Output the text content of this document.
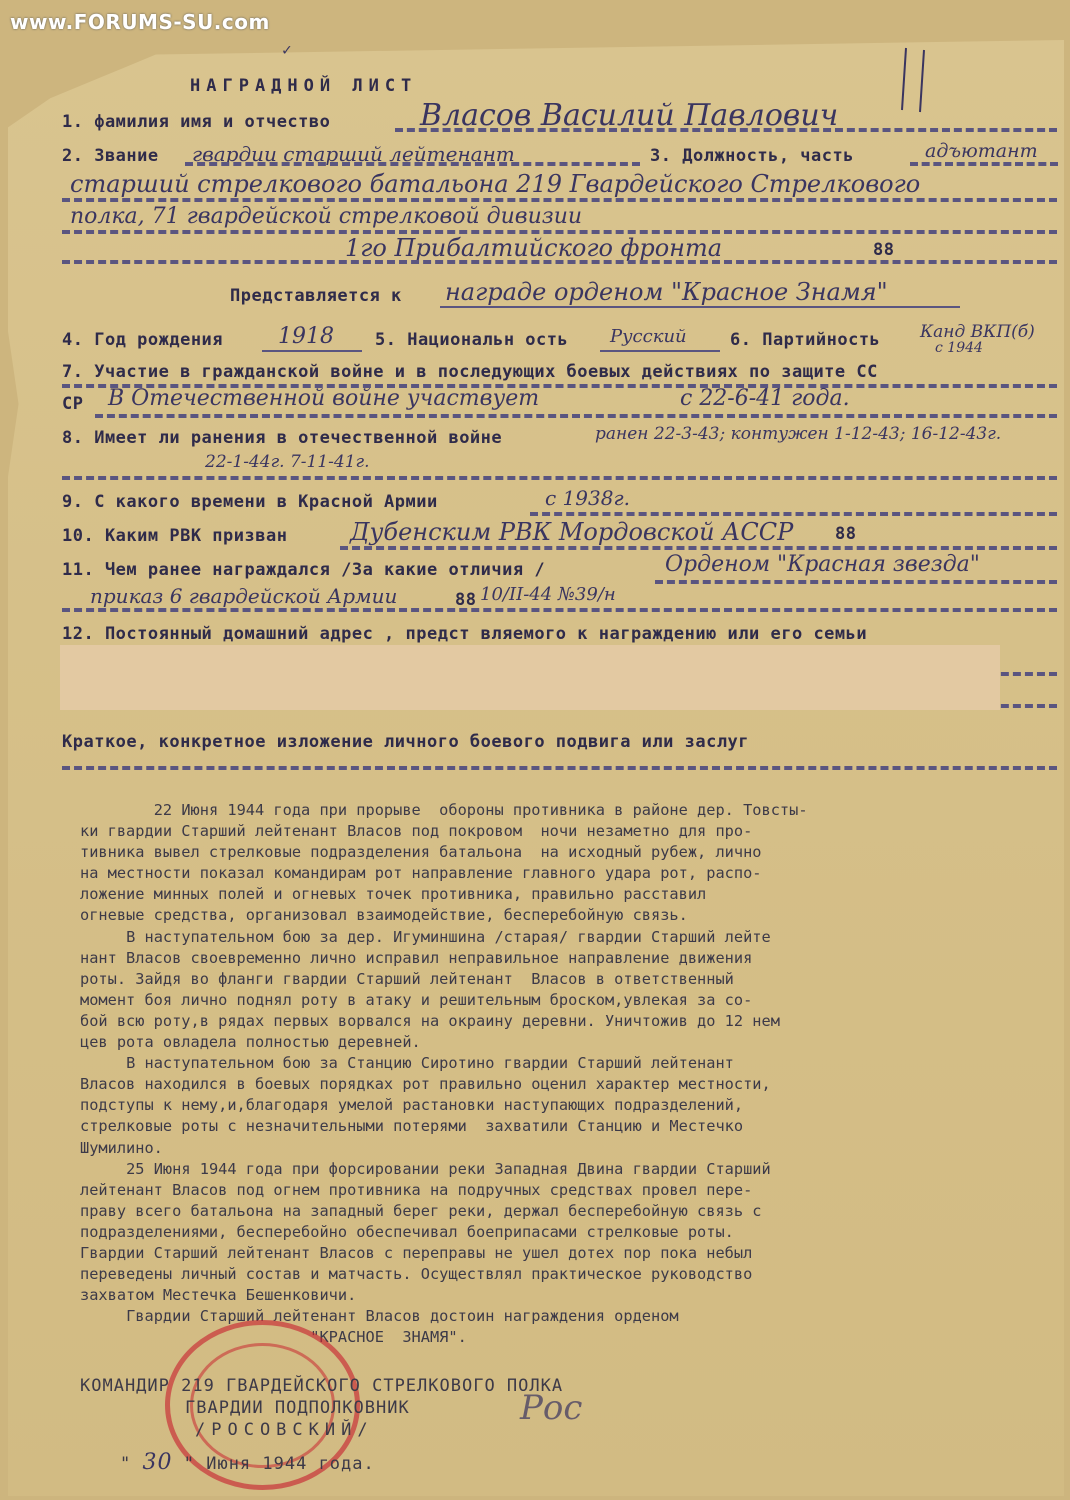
www.FORUMS-SU.com
✓
НАГРАДНОЙ ЛИСТ
1. фамилия имя и отчество	Власов Василий Павлович
2. Звание гвардии старший лейтенант	3. Должность, часть	адъютант
старший стрелкового батальона 219 Гвардейского Стрелкового
полка, 71 гвардейской стрелковой дивизии
1го Прибалтийского фронта	88
Представляется к награде орденом "Красное Знамя"
4. Год рождения 1918 5. Национальн ость Русский	6. Партийность Канд ВКП(б)
с 1944
7. Участие в гражданской войне и в последующих боевых действиях по защите СС
СР В Отечественной войне участвует	с 22-6-41 года.
8. Имеет ли ранения в отечественной войне	ранен 22-3-43; контужен 1-12-43; 16-12-43г.
22-1-44г. 7-11-41г.
9. С какого времени в Красной Армии	с 1938г.
10. Каким РВК призван	Дубенским РВК Мордовской АССР 88
11. Чем ранее награждался /За какие отличия /	Орденом "Красная звезда"
приказ 6 гвардейской Армии	88 10/II-44 №39/н
12. Постоянный домашний адрес , предст вляемого к награждению или его семьи
Краткое, конкретное изложение личного боевого подвига или заслуг

22 Июня 1944 года при прорыве  обороны противника в районе дер. Товсты-

ки гвардии Старший лейтенант Власов под покровом  ночи незаметно для про-

тивника вывел стрелковые подразделения батальона  на исходный рубеж, лично

на местности показал командирам рот направление главного удара рот, распо-

ложение минных полей и огневых точек противника, правильно расставил

огневые средства, организовал взаимодействие, бесперебойную связь.

В наступательном бою за дер. Игуминшина /старая/ гвардии Старший лейте

нант Власов своевременно лично исправил неправильное направление движения

роты. Зайдя во фланги гвардии Старший лейтенант  Власов в ответственный

момент боя лично поднял роту в атаку и решительным броском,увлекая за со-

бой всю роту,в рядах первых ворвался на окраину деревни. Уничтожив до 12 нем

цев рота овладела полностью деревней.

В наступательном бою за Станцию Сиротино гвардии Старший лейтенант

Власов находился в боевых порядках рот правильно оценил характер местности,

подступы к нему,и,благодаря умелой растановки наступающих подразделений,

стрелковые роты с незначительными потерями  захватили Станцию и Местечко

Шумилино.

25 Июня 1944 года при форсировании реки Западная Двина гвардии Старший

лейтенант Власов под огнем противника на подручных средствах провел пере-

праву всего батальона на западный берег реки, держал бесперебойную связь с

подразделениями, бесперебойно обеспечивал боеприпасами стрелковые роты.

Гвардии Старший лейтенант Власов с переправы не ушел дотех пор пока небыл

переведены личный состав и матчасть. Осуществлял практическое руководство

захватом Местечка Бешенковичи.

Гвардии Старший лейтенант Власов достоин награждения орденом

"КРАСНОЕ  ЗНАМЯ".

КОМАНДИР 219 ГВАРДЕЙСКОГО СТРЕЛКОВОГО ПОЛКА
ГВАРДИИ ПОДПОЛКОВНИК
/РОСОВСКИЙ/
Рос
" 30 " Июня 1944 года.
